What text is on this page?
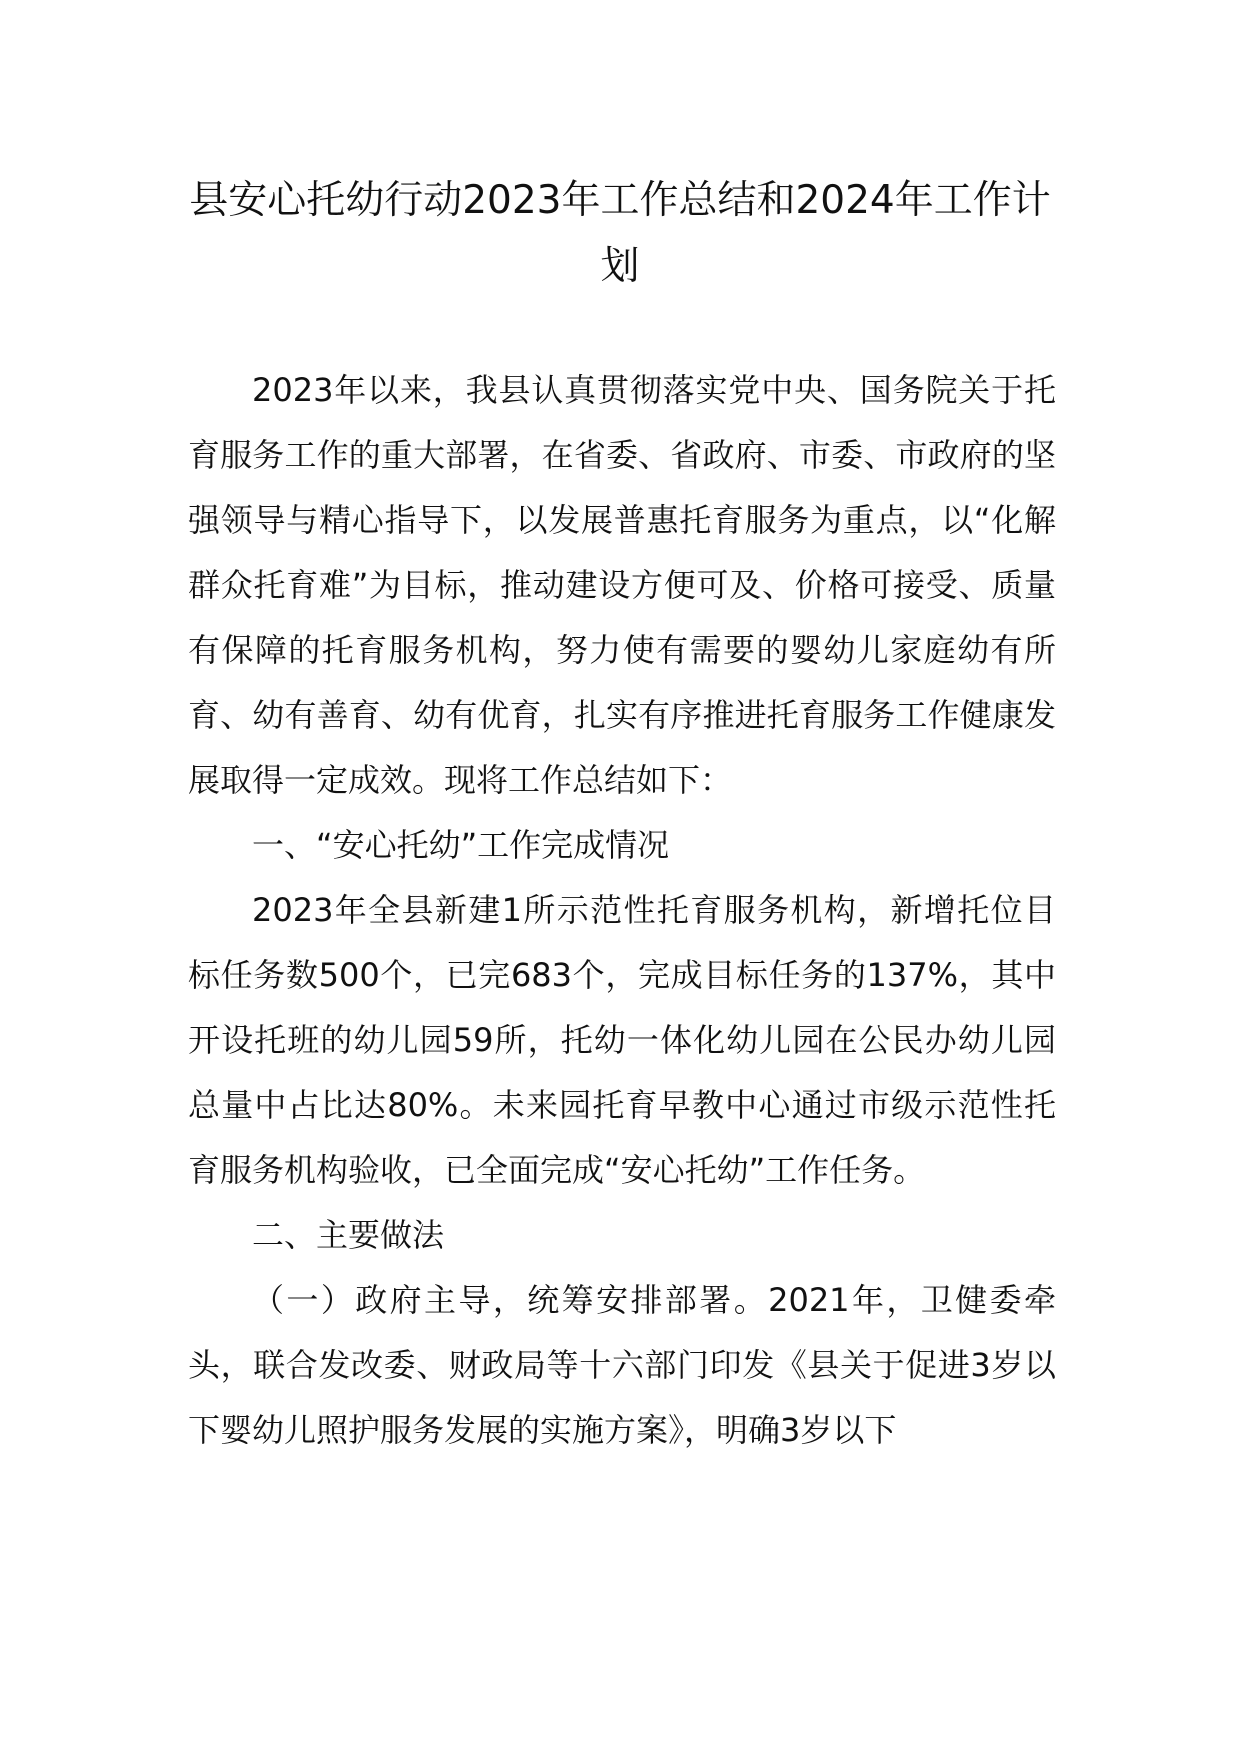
县安心托幼行动2023年工作总结和2024年工作计划

2023年以来，我县认真贯彻落实党中央、国务院关于托育服务工作的重大部署，在省委、省政府、市委、市政府的坚强领导与精心指导下，以发展普惠托育服务为重点，以“化解群众托育难”为目标，推动建设方便可及、价格可接受、质量有保障的托育服务机构，努力使有需要的婴幼儿家庭幼有所育、幼有善育、幼有优育，扎实有序推进托育服务工作健康发展取得一定成效。现将工作总结如下：

一、“安心托幼”工作完成情况

2023年全县新建1所示范性托育服务机构，新增托位目标任务数500个，已完683个，完成目标任务的137%，其中开设托班的幼儿园59所，托幼一体化幼儿园在公民办幼儿园总量中占比达80%。未来园托育早教中心通过市级示范性托育服务机构验收，已全面完成“安心托幼”工作任务。

二、主要做法

（一）政府主导，统筹安排部署。2021年，卫健委牵头，联合发改委、财政局等十六部门印发《县关于促进3岁以下婴幼儿照护服务发展的实施方案》，明确3岁以下
